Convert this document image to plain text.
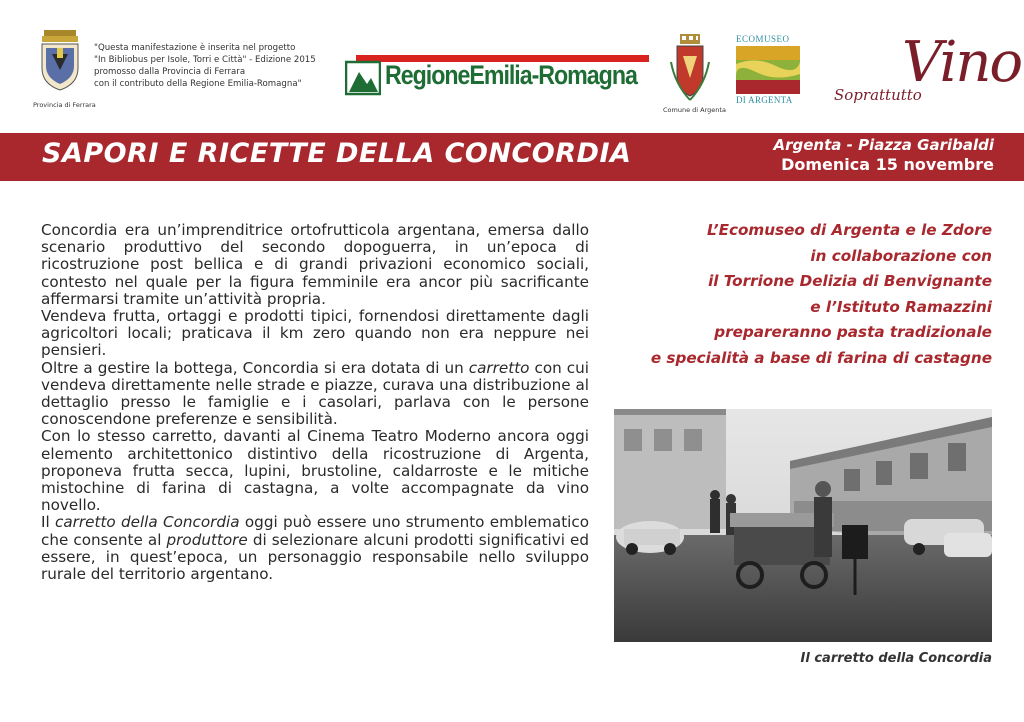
Provincia di Ferrara
"Questa manifestazione è inserita nel progetto
"In Bibliobus per Isole, Torri e Città" - Edizione 2015
promosso dalla Provincia di Ferrara
con il contributo della Regione Emilia-Romagna"	RegioneEmilia-Romagna
Comune di Argenta
ECOMUSEO
DI ARGENTA	Soprattutto
Vino
SAPORI E RICETTE DELLA CONCORDIA	Argenta - Piazza Garibaldi
Domenica 15 novembre

Concordia era un’imprenditrice ortofrutticola argentana, emersa dallo scenario produttivo del secondo dopoguerra, in un’epoca di ricostruzione post bellica e di grandi privazioni economico sociali, contesto nel quale per la figura femminile era ancor più sacrificante affermarsi tramite un’attività propria.

Vendeva frutta, ortaggi e prodotti tipici, fornendosi direttamente dagli agricoltori locali; praticava il km zero quando non era neppure nei pensieri.

Oltre a gestire la bottega, Concordia si era dotata di un carretto con cui vendeva direttamente nelle strade e piazze, curava una distribuzione al dettaglio presso le famiglie e i casolari, parlava con le persone conoscendone preferenze e sensibilità.

Con lo stesso carretto, davanti al Cinema Teatro Moderno ancora oggi elemento architettonico distintivo della ricostruzione di Argenta, proponeva frutta secca, lupini, brustoline, caldarroste e le mitiche mistochine di farina di castagna, a volte accompagnate da vino novello.

Il carretto della Concordia oggi può essere uno strumento emblematico che consente al produttore di selezionare alcuni prodotti significativi ed essere, in quest’epoca, un personaggio responsabile nello sviluppo rurale del territorio argentano.

L’Ecomuseo di Argenta e le Zdore
in collaborazione con
il Torrione Delizia di Benvignante
e l’Istituto Ramazzini
prepareranno pasta tradizionale
e specialità a base di farina di castagne
Il carretto della Concordia
